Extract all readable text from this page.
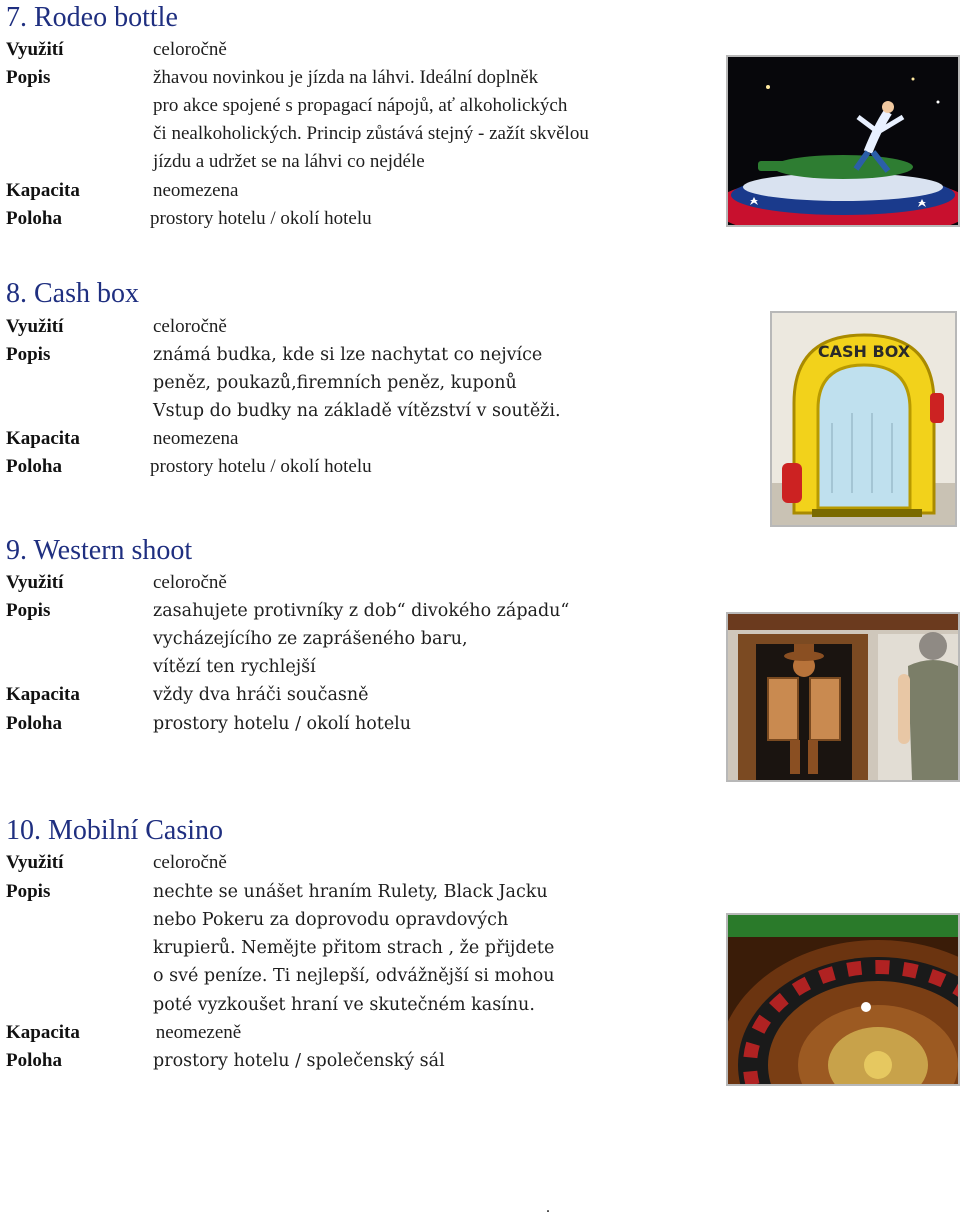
7. Rodeo bottle
Využití	celoročně
Popis	žhavou novinkou je jízda na láhvi. Ideální doplněk
pro akce spojené s propagací nápojů, ať alkoholických
či nealkoholických. Princip zůstává stejný - zažít skvělou
jízdu a udržet se na láhvi co nejdéle
Kapacita	neomezena
Poloha	prostory hotelu / okolí hotelu
8. Cash box
Využití	celoročně
Popis	známá budka, kde si lze nachytat co nejvíce
peněz, poukazů,firemních peněz, kuponů
Vstup do budky na základě vítězství v soutěži.
Kapacita	neomezena
Poloha	prostory hotelu / okolí hotelu
CASH BOX
9. Western shoot
Využití	celoročně
Popis	zasahujete protivníky z dob“ divokého západu“
vycházejícího ze zaprášeného baru,
vítězí ten rychlejší
Kapacita	vždy dva hráči současně
Poloha	prostory hotelu / okolí hotelu
10. Mobilní Casino
Využití	celoročně
Popis	nechte se unášet hraním Rulety, Black Jacku
nebo Pokeru za doprovodu opravdových
krupierů. Nemějte přitom strach , že přijdete
o své peníze. Ti nejlepší, odvážnější si mohou
poté vyzkoušet hraní ve skutečném kasínu.
Kapacita	neomezeně
Poloha	prostory hotelu / společenský sál
.
